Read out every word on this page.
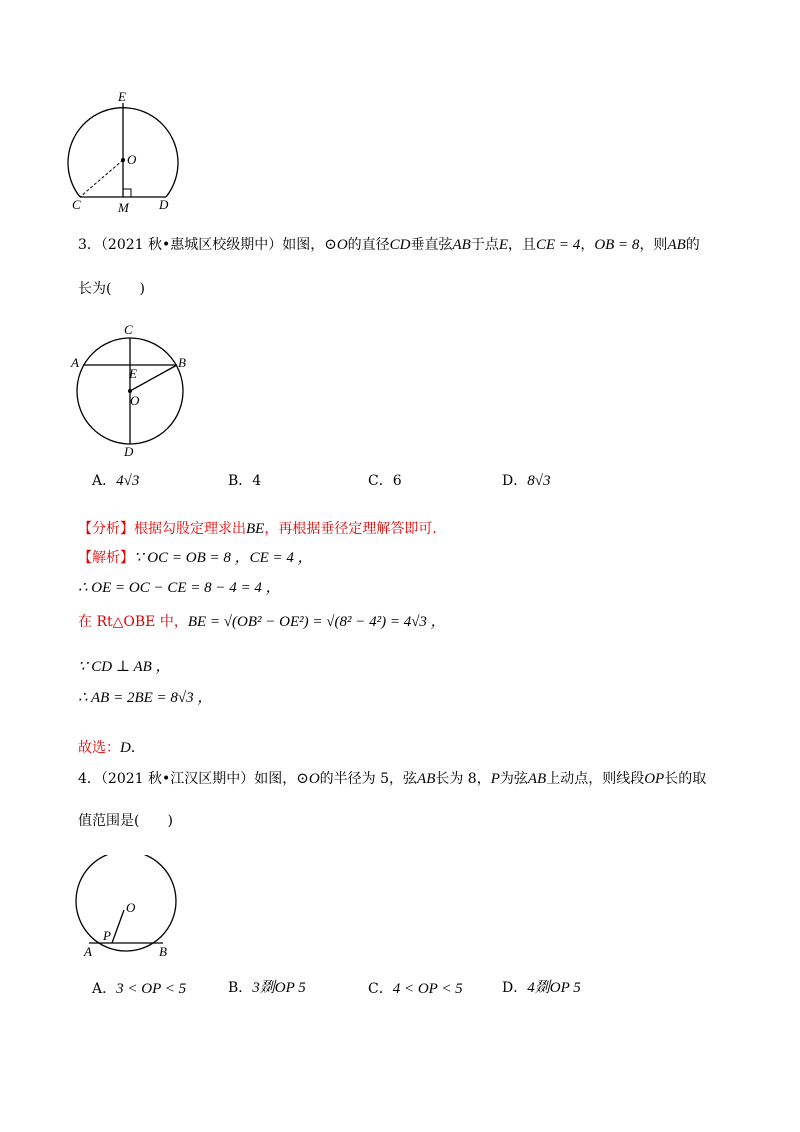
E
O
C	M D
3．（2021 秋•惠城区校级期中）如图，⊙O的直径CD垂直弦AB于点E，且CE = 4，OB = 8，则AB的
长为(　　)
C
A	B
E
O
D
A．4√3	B．4	C．6	D．8√3
【分析】根据勾股定理求出BE，再根据垂径定理解答即可．
【解析】∵ OC = OB = 8 ，CE = 4 ，
∴ OE = OC − CE = 8 − 4 = 4 ，
在 Rt△OBE 中，BE = √(OB² − OE²) = √(8² − 4²) = 4√3 ，
∵ CD ⊥ AB ，
∴ AB = 2BE = 8√3 ，
故选：D．
4．（2021 秋•江汉区期中）如图，⊙O的半径为 5，弦AB长为 8，P为弦AB上动点，则线段OP长的取
值范围是(　　)
O
P
A	B
A．3 < OP < 5	B．3剟OP 5	C．4 < OP < 5	D．4剟OP 5
